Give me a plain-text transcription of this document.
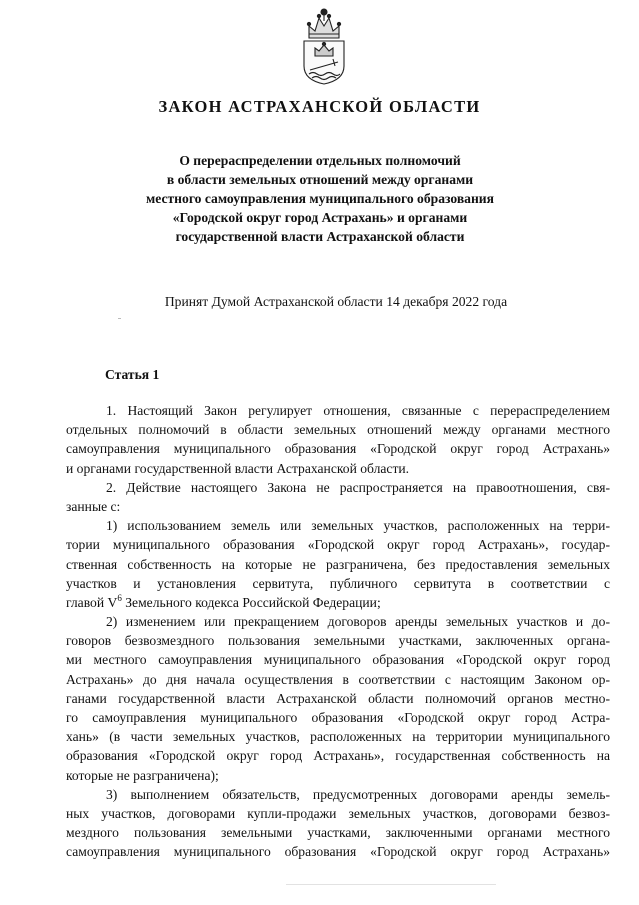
ЗАКОН АСТРАХАНСКОЙ ОБЛАСТИ
О перераспределении отдельных полномочий
в области земельных отношений между органами
местного самоуправления муниципального образования
«Городской округ город Астрахань» и органами
государственной власти Астраханской области
Принят Думой Астраханской области 14 декабря 2022 года
Статья 1
1. Настоящий Закон регулирует отношения, связанные с перераспределением
отдельных полномочий в области земельных отношений между органами местного
самоуправления муниципального образования «Городской округ город Астрахань»
и органами государственной власти Астраханской области.
2. Действие настоящего Закона не распространяется на правоотношения, свя-
занные с:
1) использованием земель или земельных участков, расположенных на терри-
тории муниципального образования «Городской округ город Астрахань», государ-
ственная собственность на которые не разграничена, без предоставления земельных
участков и установления сервитута, публичного сервитута в соответствии с
главой $V^6$ Земельного кодекса Российской Федерации;
2) изменением или прекращением договоров аренды земельных участков и до-
говоров безвозмездного пользования земельными участками, заключенных органа-
ми местного самоуправления муниципального образования «Городской округ город
Астрахань» до дня начала осуществления в соответствии с настоящим Законом ор-
ганами государственной власти Астраханской области полномочий органов местно-
го самоуправления муниципального образования «Городской округ город Астра-
хань» (в части земельных участков, расположенных на территории муниципального
образования «Городской округ город Астрахань», государственная собственность на
которые не разграничена);
3) выполнением обязательств, предусмотренных договорами аренды земель-
ных участков, договорами купли-продажи земельных участков, договорами безвоз-
мездного пользования земельными участками, заключенными органами местного
самоуправления муниципального образования «Городской округ город Астрахань»
